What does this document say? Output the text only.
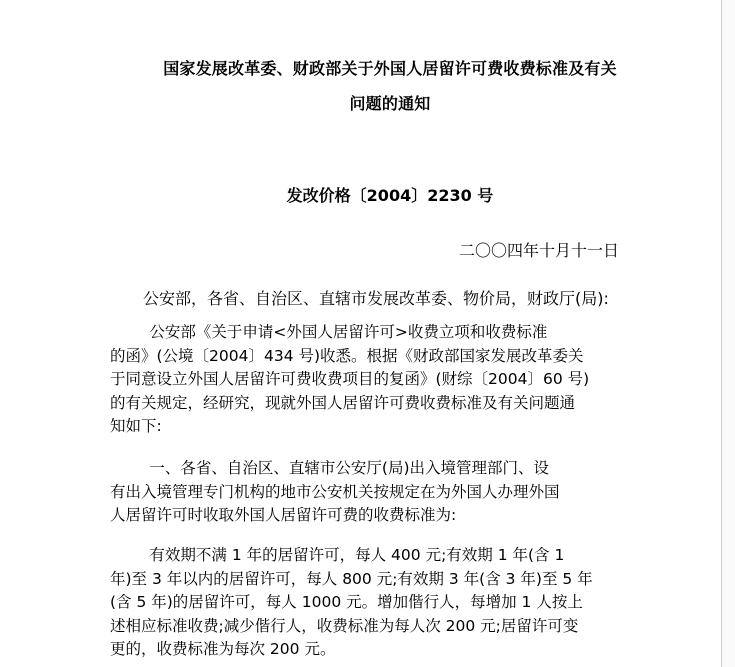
国家发展改革委、财政部关于外国人居留许可费收费标准及有关
问题的通知
发改价格〔2004〕2230 号
二〇〇四年十月十一日
公安部，各省、自治区、直辖市发展改革委、物价局，财政厅(局):
公安部《关于申请<外国人居留许可>收费立项和收费标准
的函》(公境〔2004〕434 号)收悉。根据《财政部国家发展改革委关
于同意设立外国人居留许可费收费项目的复函》(财综〔2004〕60 号)
的有关规定，经研究，现就外国人居留许可费收费标准及有关问题通
知如下:
一、各省、自治区、直辖市公安厅(局)出入境管理部门、设
有出入境管理专门机构的地市公安机关按规定在为外国人办理外国
人居留许可时收取外国人居留许可费的收费标准为:
有效期不满 1 年的居留许可，每人 400 元;有效期 1 年(含 1
年)至 3 年以内的居留许可，每人 800 元;有效期 3 年(含 3 年)至 5 年
(含 5 年)的居留许可，每人 1000 元。增加偕行人，每增加 1 人按上
述相应标准收费;减少偕行人，收费标准为每人次 200 元;居留许可变
更的，收费标准为每次 200 元。
